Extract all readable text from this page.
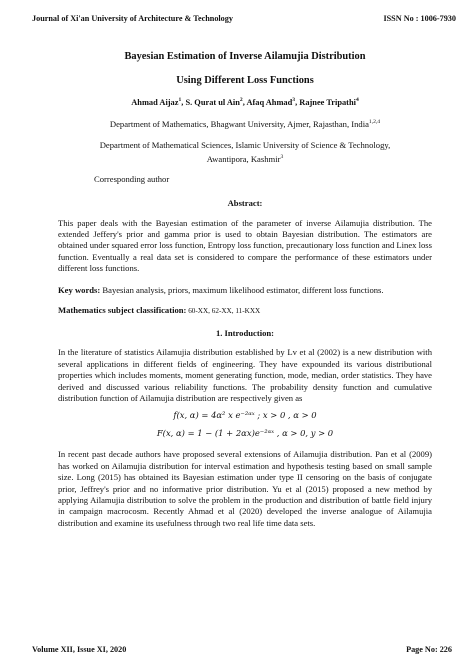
Journal of Xi'an University of Architecture & Technology	ISSN No : 1006-7930
Bayesian Estimation of Inverse Ailamujia Distribution
Using Different Loss Functions
Ahmad Aijaz$^1$, S. Qurat ul Ain$^2$, Afaq Ahmad$^3$, Rajnee Tripathi$^4$
Department of Mathematics, Bhagwant University, Ajmer, Rajasthan, India$^{1,2,4}$
Department of Mathematical Sciences, Islamic University of Science & Technology,
Awantipora, Kashmir$^3$
Corresponding author
Abstract:
This paper deals with the Bayesian estimation of the parameter of inverse Ailamujia distribution. The extended Jeffery's prior and gamma prior is used to obtain Bayesian distribution. The estimators are obtained under squared error loss function, Entropy loss function, precautionary loss function and Linex loss function. Eventually a real data set is considered to compare the performance of these estimators under different loss functions.
Key words: Bayesian analysis, priors, maximum likelihood estimator, different loss functions.
Mathematics subject classification: 60-XX, 62-XX, 11-KXX
1. Introduction:
In the literature of statistics Ailamujia distribution established by Lv et al (2002) is a new distribution with several applications in different fields of engineering. They have expounded its various distributional properties which includes moments, moment generating function, mode, median, order statistics. They have derived and discussed various reliability functions. The probability density function and cumulative distribution function of Ailamujia distribution are respectively given as
f(x, α) = 4α² x e⁻²ᵅˣ ; x > 0 , α > 0
F(x, α) = 1 − (1 + 2αx)e⁻²ᵅˣ , α > 0, y > 0
In recent past decade authors have proposed several extensions of Ailamujia distribution. Pan et al (2009) has worked on Ailamujia distribution for interval estimation and hypothesis testing based on small sample size. Long (2015) has obtained its Bayesian estimation under type II censoring on the basis of conjugate prior, Jeffrey's prior and no informative prior distribution. Yu et al (2015) proposed a new method by applying Ailamujia distribution to solve the problem in the production and distribution of battle field injury in campaign macrocosm. Recently Ahmad et al (2020) developed the inverse analogue of Ailamujia distribution and examine its usefulness through two real life time data sets.
Volume XII, Issue XI, 2020	Page No: 226
